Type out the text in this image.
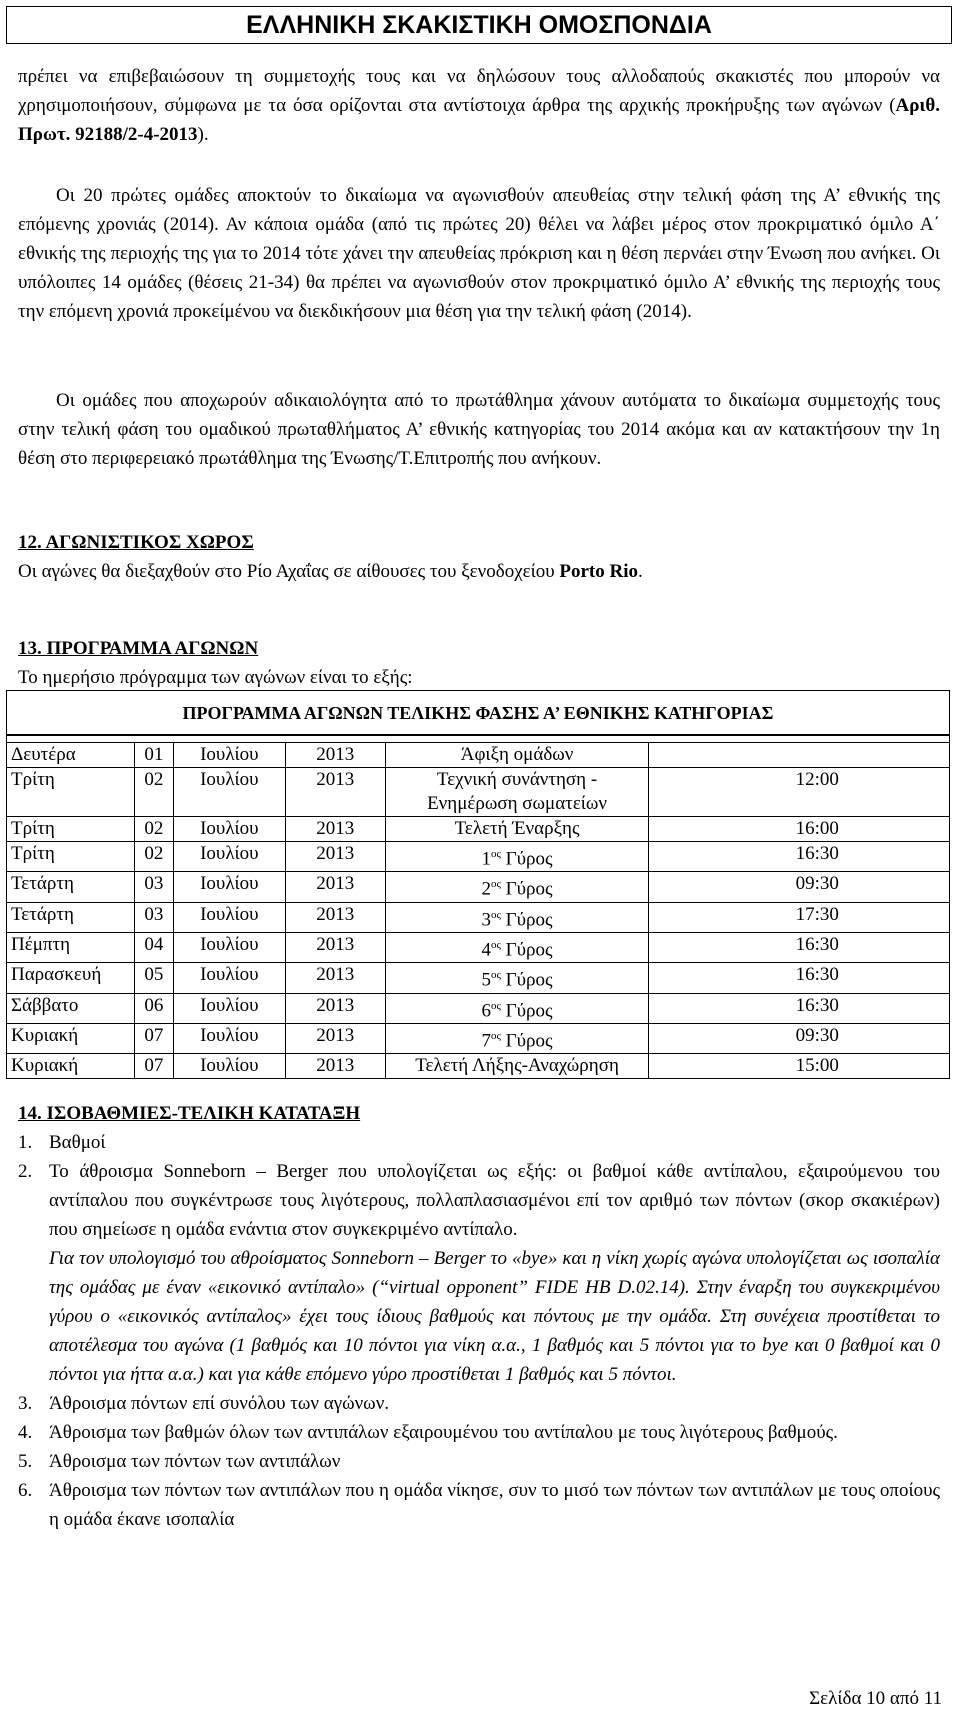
ΕΛΛΗΝΙΚΗ ΣΚΑΚΙΣΤΙΚΗ ΟΜΟΣΠΟΝΔΙΑ
πρέπει να επιβεβαιώσουν τη συμμετοχής τους και να δηλώσουν τους αλλοδαπούς σκακιστές που μπορούν να χρησιμοποιήσουν, σύμφωνα με τα όσα ορίζονται στα αντίστοιχα άρθρα της αρχικής προκήρυξης των αγώνων (Αριθ. Πρωτ. 92188/2-4-2013).
Οι 20 πρώτες ομάδες αποκτούν το δικαίωμα να αγωνισθούν απευθείας στην τελική φάση της Α’ εθνικής της επόμενης χρονιάς (2014). Αν κάποια ομάδα (από τις πρώτες 20) θέλει να λάβει μέρος στον προκριματικό όμιλο Α΄ εθνικής της περιοχής της για το 2014 τότε χάνει την απευθείας πρόκριση και η θέση περνάει στην Ένωση που ανήκει. Οι υπόλοιπες 14 ομάδες (θέσεις 21-34) θα πρέπει να αγωνισθούν στον προκριματικό όμιλο Α’ εθνικής της περιοχής τους την επόμενη χρονιά προκείμένου να διεκδικήσουν μια θέση για την τελική φάση (2014).
Οι ομάδες που αποχωρούν αδικαιολόγητα από το πρωτάθλημα χάνουν αυτόματα το δικαίωμα συμμετοχής τους στην τελική φάση του ομαδικού πρωταθλήματος Α’ εθνικής κατηγορίας του 2014 ακόμα και αν κατακτήσουν την 1η θέση στο περιφερειακό πρωτάθλημα της Ένωσης/Τ.Επιτροπής που ανήκουν.
12. ΑΓΩΝΙΣΤΙΚΟΣ ΧΩΡΟΣ
Οι αγώνες θα διεξαχθούν στο Ρίο Αχαΐας σε αίθουσες του ξενοδοχείου Porto Rio.
13. ΠΡΟΓΡΑΜΜΑ ΑΓΩΝΩΝ
Το ημερήσιο πρόγραμμα των αγώνων είναι το εξής:
ΠΡΟΓΡΑΜΜΑ ΑΓΩΝΩΝ ΤΕΛΙΚΗΣ ΦΑΣΗΣ Α’ ΕΘΝΙΚΗΣ ΚΑΤΗΓΟΡΙΑΣ					

Δευτέρα	01	Ιουλίου	2013	Άφιξη ομάδων	
Τρίτη	02	Ιουλίου	2013	Τεχνική συνάντηση -
Ενημέρωση σωματείων	12:00
Τρίτη	02	Ιουλίου	2013	Τελετή Έναρξης	16:00
Τρίτη	02	Ιουλίου	2013	$1^{o\varsigma}$ Γύρος	16:30
Τετάρτη	03	Ιουλίου	2013	$2^{o\varsigma}$ Γύρος	09:30
Τετάρτη	03	Ιουλίου	2013	$3^{o\varsigma}$ Γύρος	17:30
Πέμπτη	04	Ιουλίου	2013	$4^{o\varsigma}$ Γύρος	16:30
Παρασκευή	05	Ιουλίου	2013	$5^{o\varsigma}$ Γύρος	16:30
Σάββατο	06	Ιουλίου	2013	$6^{o\varsigma}$ Γύρος	16:30
Κυριακή	07	Ιουλίου	2013	$7^{o\varsigma}$ Γύρος	09:30
Κυριακή	07	Ιουλίου	2013	Τελετή Λήξης-Αναχώρηση	15:00
14. ΙΣΟΒΑΘΜΙΕΣ-ΤΕΛΙΚΗ ΚΑΤΑΤΑΞΗ
1. Βαθμοί
2. Το άθροισμα Sonneborn – Berger που υπολογίζεται ως εξής: οι βαθμοί κάθε αντίπαλου, εξαιρούμενου του αντίπαλου που συγκέντρωσε τους λιγότερους, πολλαπλασιασμένοι επί τον αριθμό των πόντων (σκορ σκακιέρων) που σημείωσε η ομάδα ενάντια στον συγκεκριμένο αντίπαλο.
Για τον υπολογισμό του αθροίσματος Sonneborn – Berger το «bye» και η νίκη χωρίς αγώνα υπολογίζεται ως ισοπαλία της ομάδας με έναν «εικονικό αντίπαλο» (“virtual opponent” FIDE HB D.02.14). Στην έναρξη του συγκεκριμένου γύρου ο «εικονικός αντίπαλος» έχει τους ίδιους βαθμούς και πόντους με την ομάδα. Στη συνέχεια προστίθεται το αποτέλεσμα του αγώνα (1 βαθμός και 10 πόντοι για νίκη α.α., 1 βαθμός και 5 πόντοι για το bye και 0 βαθμοί και 0 πόντοι για ήττα α.α.) και για κάθε επόμενο γύρο προστίθεται 1 βαθμός και 5 πόντοι.
3. Άθροισμα πόντων επί συνόλου των αγώνων.
4. Άθροισμα των βαθμών όλων των αντιπάλων εξαιρουμένου του αντίπαλου με τους λιγότερους βαθμούς.
5. Άθροισμα των πόντων των αντιπάλων
6. Άθροισμα των πόντων των αντιπάλων που η ομάδα νίκησε, συν το μισό των πόντων των αντιπάλων με τους οποίους η ομάδα έκανε ισοπαλία
Σελίδα 10 από 11
